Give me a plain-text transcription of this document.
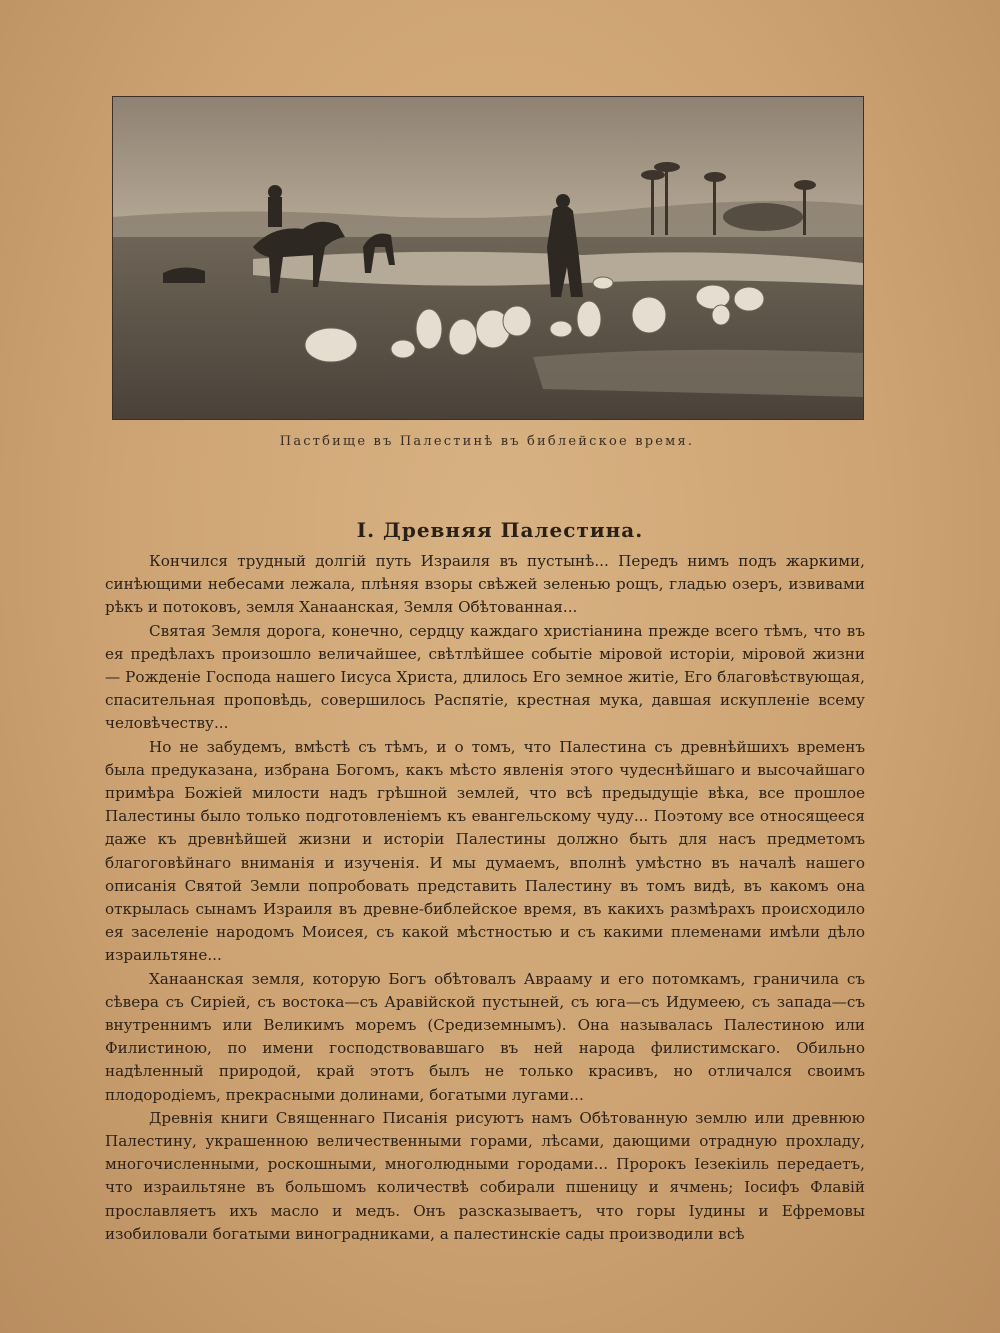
Пастбище въ Палестинѣ въ библейское время.
I. Древняя Палестина.

Кончился трудный долгій путь Израиля въ пустынѣ... Передъ нимъ подъ жаркими, синѣющими небесами лежала, плѣняя взоры свѣжей зеленью рощъ, гладью озеръ, извивами рѣкъ и потоковъ, земля Ханаанская, Земля Обѣтованная...

Святая Земля дорога, конечно, сердцу каждаго христіанина прежде всего тѣмъ, что въ ея предѣлахъ произошло величайшее, свѣтлѣйшее событіе міровой исторіи, міровой жизни — Рожденіе Господа нашего Іисуса Христа, длилось Его земное житіе, Его благовѣствующая, спасительная проповѣдь, совершилось Распятіе, крестная мука, давшая искупленіе всему человѣчеству...

Но не забудемъ, вмѣстѣ съ тѣмъ, и о томъ, что Палестина съ древнѣйшихъ временъ была предуказана, избрана Богомъ, какъ мѣсто явленія этого чудеснѣйшаго и высочайшаго примѣра Божіей милости надъ грѣшной землей, что всѣ предыдущіе вѣка, все прошлое Палестины было только подготовленіемъ къ евангельскому чуду... Поэтому все относящееся даже къ древнѣйшей жизни и исторіи Палестины должно быть для насъ предметомъ благоговѣйнаго вниманія и изученія. И мы думаемъ, вполнѣ умѣстно въ началѣ нашего описанія Святой Земли попробовать представить Палестину въ томъ видѣ, въ какомъ она открылась сынамъ Израиля въ древне-библейское время, въ какихъ размѣрахъ происходило ея заселеніе народомъ Моисея, съ какой мѣстностью и съ какими племенами имѣли дѣло израильтяне...

Ханаанская земля, которую Богъ обѣтовалъ Аврааму и его потомкамъ, граничила съ сѣвера съ Сиріей, съ востока—съ Аравійской пустыней, съ юга—съ Идумеею, съ запада—съ внутреннимъ или Великимъ моремъ (Средиземнымъ). Она называлась Палестиною или Филистиною, по имени господствовавшаго въ ней народа филистимскаго. Обильно надѣленный природой, край этотъ былъ не только красивъ, но отличался своимъ плодородіемъ, прекрасными долинами, богатыми лугами...

Древнія книги Священнаго Писанія рисуютъ намъ Обѣтованную землю или древнюю Палестину, украшенною величественными горами, лѣсами, дающими отрадную прохладу, многочисленными, роскошными, многолюдными городами... Пророкъ Іезекіиль передаетъ, что израильтяне въ большомъ количествѣ собирали пшеницу и ячмень; Іосифъ Флавій прославляетъ ихъ масло и медъ. Онъ разсказываетъ, что горы Іудины и Ефремовы изобиловали богатыми виноградниками, а палестинскіе сады производили всѣ
